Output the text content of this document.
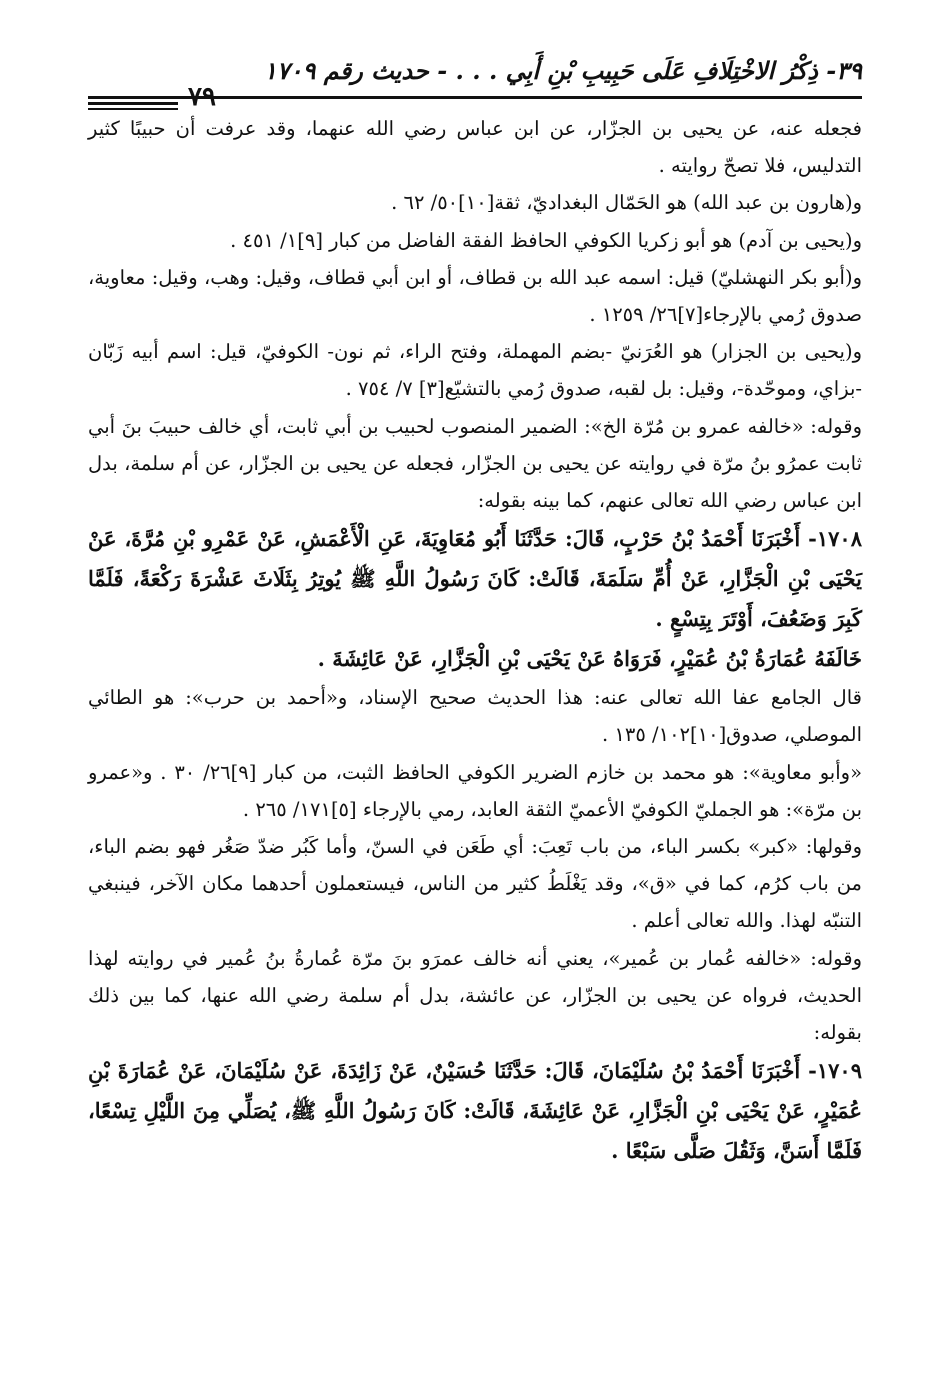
٣٩- ذِكْرُ الاخْتِلَافِ عَلَى حَبِيبِ بْنِ أَبِي . . . - حديث رقم ١٧٠٩
٧٩

فجعله عنه، عن يحيى بن الجزّار، عن ابن عباس رضي الله عنهما، وقد عرفت أن حبيبًا كثير التدليس، فلا تصحّ روايته .

و(هارون بن عبد الله) هو الحَمّال البغداديّ، ثقة[١٠]٥٠/ ٦٢ .

و(يحيى بن آدم) هو أبو زكريا الكوفي الحافظ الفقة الفاضل من كبار [٩]١/ ٤٥١ .

و(أبو بكر النهشليّ) قيل: اسمه عبد الله بن قطاف، أو ابن أبي قطاف، وقيل: وهب، وقيل: معاوية، صدوق رُمي بالإرجاء[٧]٢٦/ ١٢٥٩ .

و(يحيى بن الجزار) هو العُرَنيّ -بضم المهملة، وفتح الراء، ثم نون- الكوفيّ، قيل: اسم أبيه زَبّان -بزاي، وموحّدة-، وقيل: بل لقبه، صدوق رُمي بالتشيّع[٣] ٧/ ٧٥٤ .

وقوله: «خالفه عمرو بن مُرّة الخ»: الضمير المنصوب لحبيب بن أبي ثابت، أي خالف حبيبَ بنَ أبي ثابت عمرُو بنُ مرّة في روايته عن يحيى بن الجزّار، فجعله عن يحيى بن الجزّار، عن أم سلمة، بدل ابن عباس رضي الله تعالى عنهم، كما بينه بقوله:

١٧٠٨- أَخْبَرَنَا أَحْمَدُ بْنُ حَرْبٍ، قَالَ: حَدَّثَنَا أَبُو مُعَاوِيَةَ، عَنِ الْأَعْمَشِ، عَنْ عَمْرِو بْنِ مُرَّةَ، عَنْ يَحْيَى بْنِ الْجَزَّارِ، عَنْ أُمِّ سَلَمَةَ، قَالَتْ: كَانَ رَسُولُ اللَّهِ ﷺ يُوتِرُ بِثَلَاثَ عَشْرَةَ رَكْعَةً، فَلَمَّا كَبِرَ وَضَعُفَ، أَوْتَرَ بِتِسْعٍ .

خَالَفَهُ عُمَارَةُ بْنُ عُمَيْرٍ، فَرَوَاهُ عَنْ يَحْيَى بْنِ الْجَزَّارِ، عَنْ عَائِشَةَ .

قال الجامع عفا الله تعالى عنه: هذا الحديث صحيح الإسناد، و«أحمد بن حرب»: هو الطائي الموصلي، صدوق[١٠]١٠٢/ ١٣٥ .

«وأبو معاوية»: هو محمد بن خازم الضرير الكوفي الحافظ الثبت، من كبار [٩]٢٦/ ٣٠ . و«عمرو بن مرّة»: هو الجمليّ الكوفيّ الأعميّ الثقة العابد، رمي بالإرجاء [٥]١٧١/ ٢٦٥ .

وقولها: «كبر» بكسر الباء، من باب تَعِبَ: أي طَعَن في السنّ، وأما كَبُر ضدّ صَغُر فهو بضم الباء، من باب كرُم، كما في «ق»، وقد يَغْلَطُ كثير من الناس، فيستعملون أحدهما مكان الآخر، فينبغي التنبّه لهذا. والله تعالى أعلم .

وقوله: «خالفه عُمار بن عُمير»، يعني أنه خالف عمرَو بنَ مرّة عُمارةُ بنُ عُمير في روايته لهذا الحديث، فرواه عن يحيى بن الجزّار، عن عائشة، بدل أم سلمة رضي الله عنها، كما بين ذلك بقوله:

١٧٠٩- أَخْبَرَنَا أَحْمَدُ بْنُ سُلَيْمَانَ، قَالَ: حَدَّثَنَا حُسَيْنٌ، عَنْ زَائِدَةَ، عَنْ سُلَيْمَانَ، عَنْ عُمَارَةَ بْنِ عُمَيْرٍ، عَنْ يَحْيَى بْنِ الْجَزَّارِ، عَنْ عَائِشَةَ، قَالَتْ: كَانَ رَسُولُ اللَّهِ ﷺ، يُصَلِّي مِنَ اللَّيْلِ تِسْعًا، فَلَمَّا أَسَنَّ، وَثَقُلَ صَلَّى سَبْعًا .
